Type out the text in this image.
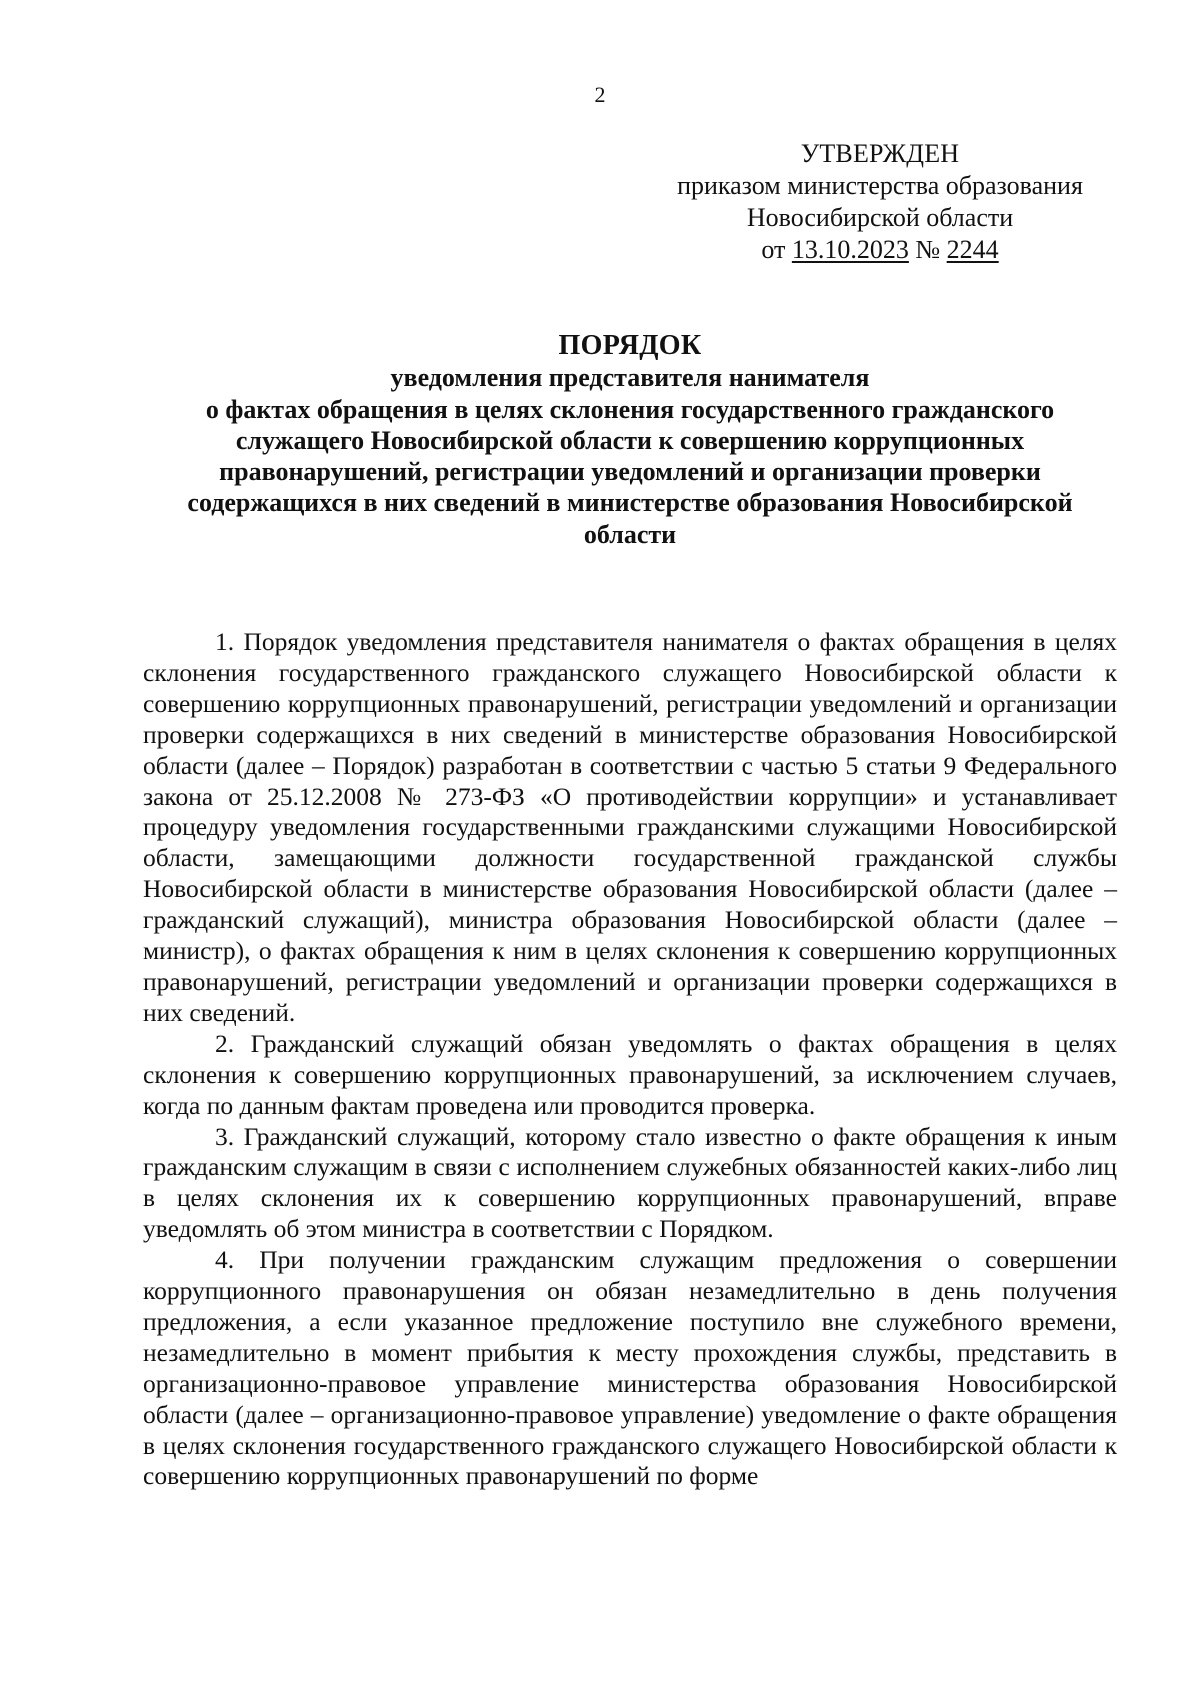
2
УТВЕРЖДЕН
приказом министерства образования
Новосибирской области
от 13.10.2023 № 2244
ПОРЯДОК
уведомления представителя нанимателя
о фактах обращения в целях склонения государственного гражданского
служащего Новосибирской области к совершению коррупционных
правонарушений, регистрации уведомлений и организации проверки
содержащихся в них сведений в министерстве образования Новосибирской
области

1. Порядок уведомления представителя нанимателя о фактах обращения в целях склонения государственного гражданского служащего Новосибирской области к совершению коррупционных правонарушений, регистрации уведомлений и организации проверки содержащихся в них сведений в министерстве образования Новосибирской области (далее – Порядок) разработан в соответствии с частью 5 статьи 9 Федерального закона от 25.12.2008 № 273-ФЗ «О противодействии коррупции» и устанавливает процедуру уведомления государственными гражданскими служащими Новосибирской области, замещающими должности государственной гражданской службы Новосибирской области в министерстве образования Новосибирской области (далее – гражданский служащий), министра образования Новосибирской области (далее – министр), о фактах обращения к ним в целях склонения к совершению коррупционных правонарушений, регистрации уведомлений и организации проверки содержащихся в них сведений.

2. Гражданский служащий обязан уведомлять о фактах обращения в целях склонения к совершению коррупционных правонарушений, за исключением случаев, когда по данным фактам проведена или проводится проверка.

3. Гражданский служащий, которому стало известно о факте обращения к иным гражданским служащим в связи с исполнением служебных обязанностей каких-либо лиц в целях склонения их к совершению коррупционных правонарушений, вправе уведомлять об этом министра в соответствии с Порядком.

4. При получении гражданским служащим предложения о совершении коррупционного правонарушения он обязан незамедлительно в день получения предложения, а если указанное предложение поступило вне служебного времени, незамедлительно в момент прибытия к месту прохождения службы, представить в организационно-правовое управление министерства образования Новосибирской области (далее – организационно-правовое управление) уведомление о факте обращения в целях склонения государственного гражданского служащего Новосибирской области к совершению коррупционных правонарушений по форме
